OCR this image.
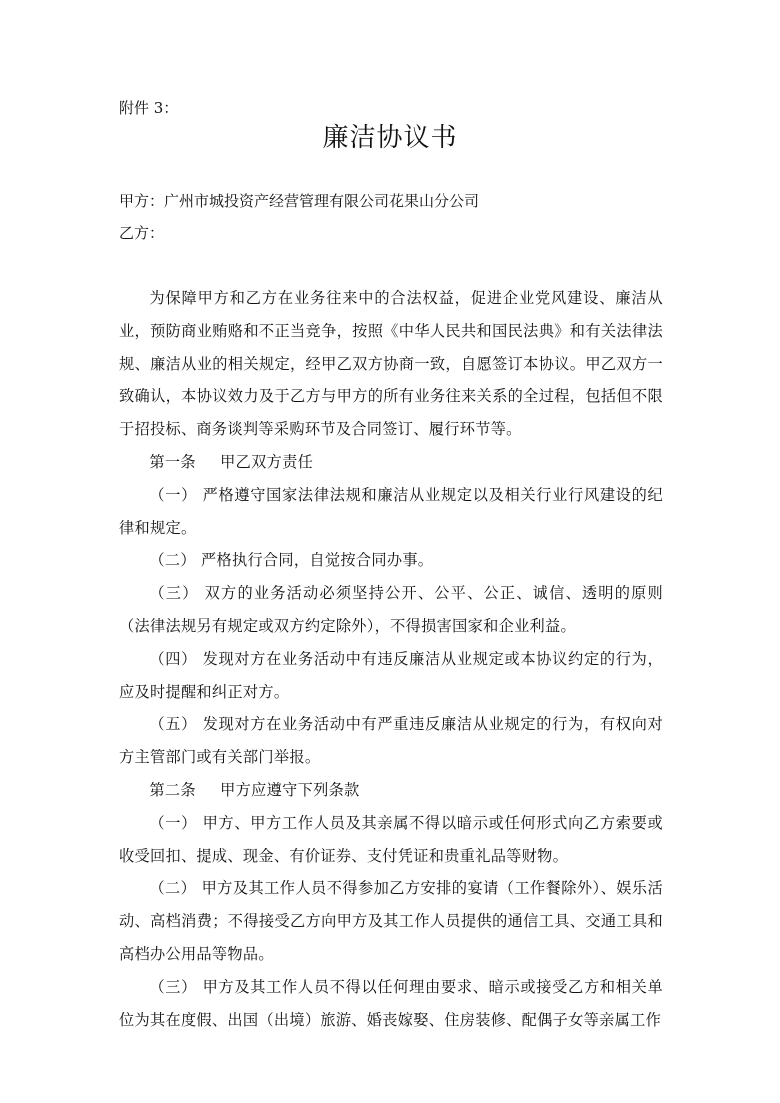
附件 3：
廉洁协议书
甲方：广州市城投资产经营管理有限公司花果山分公司
乙方：

为保障甲方和乙方在业务往来中的合法权益，促进企业党风建设、廉洁从业，预防商业贿赂和不正当竞争，按照《中华人民共和国民法典》和有关法律法规、廉洁从业的相关规定，经甲乙双方协商一致，自愿签订本协议。甲乙双方一致确认，本协议效力及于乙方与甲方的所有业务往来关系的全过程，包括但不限于招投标、商务谈判等采购环节及合同签订、履行环节等。

第一条 甲乙双方责任

（一） 严格遵守国家法律法规和廉洁从业规定以及相关行业行风建设的纪律和规定。

（二） 严格执行合同，自觉按合同办事。

（三） 双方的业务活动必须坚持公开、公平、公正、诚信、透明的原则（法律法规另有规定或双方约定除外），不得损害国家和企业利益。

（四） 发现对方在业务活动中有违反廉洁从业规定或本协议约定的行为，应及时提醒和纠正对方。

（五） 发现对方在业务活动中有严重违反廉洁从业规定的行为，有权向对方主管部门或有关部门举报。

第二条 甲方应遵守下列条款

（一） 甲方、甲方工作人员及其亲属不得以暗示或任何形式向乙方索要或收受回扣、提成、现金、有价证券、支付凭证和贵重礼品等财物。

（二） 甲方及其工作人员不得参加乙方安排的宴请（工作餐除外）、娱乐活动、高档消费；不得接受乙方向甲方及其工作人员提供的通信工具、交通工具和高档办公用品等物品。

（三） 甲方及其工作人员不得以任何理由要求、暗示或接受乙方和相关单位为其在度假、出国（出境）旅游、婚丧嫁娶、住房装修、配偶子女等亲属工作
